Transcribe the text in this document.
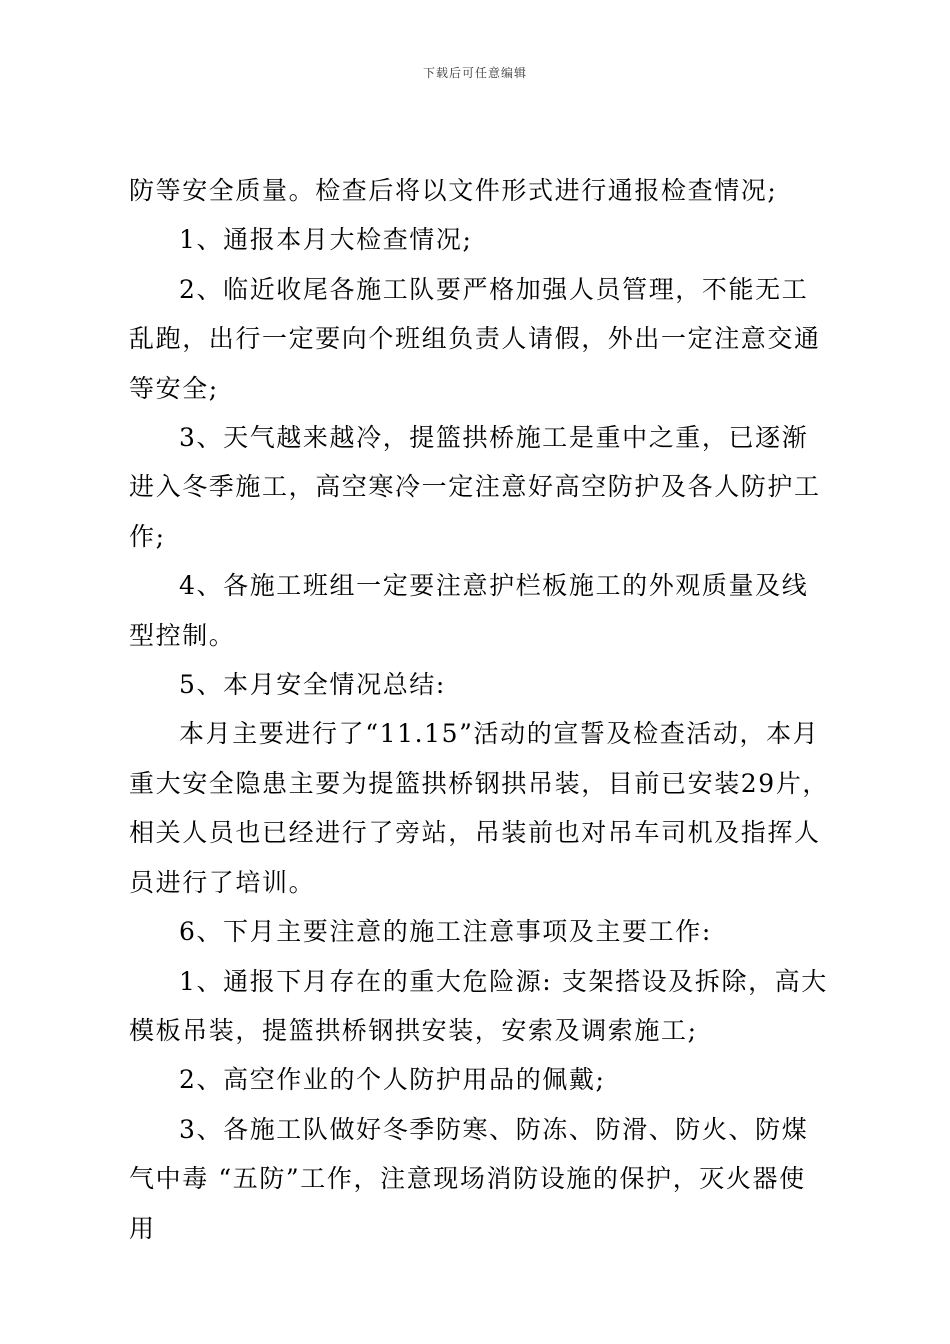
下载后可任意编辑

防等安全质量。检查后将以文件形式进行通报检查情况;

1、通报本月大检查情况;

2、临近收尾各施工队要严格加强人员管理，不能无工乱跑，出行一定要向个班组负责人请假，外出一定注意交通等安全;

3、天气越来越冷，提篮拱桥施工是重中之重，已逐渐进入冬季施工，高空寒冷一定注意好高空防护及各人防护工作;

4、各施工班组一定要注意护栏板施工的外观质量及线型控制。

5、本月安全情况总结:

本月主要进行了“11.15”活动的宣誓及检查活动，本月重大安全隐患主要为提篮拱桥钢拱吊装，目前已安装29片，相关人员也已经进行了旁站，吊装前也对吊车司机及指挥人员进行了培训。

6、下月主要注意的施工注意事项及主要工作:

1、通报下月存在的重大危险源: 支架搭设及拆除，高大模板吊装，提篮拱桥钢拱安装，安索及调索施工;

2、高空作业的个人防护用品的佩戴;

3、各施工队做好冬季防寒、防冻、防滑、防火、防煤气中毒 “五防”工作，注意现场消防设施的保护，灭火器使用
